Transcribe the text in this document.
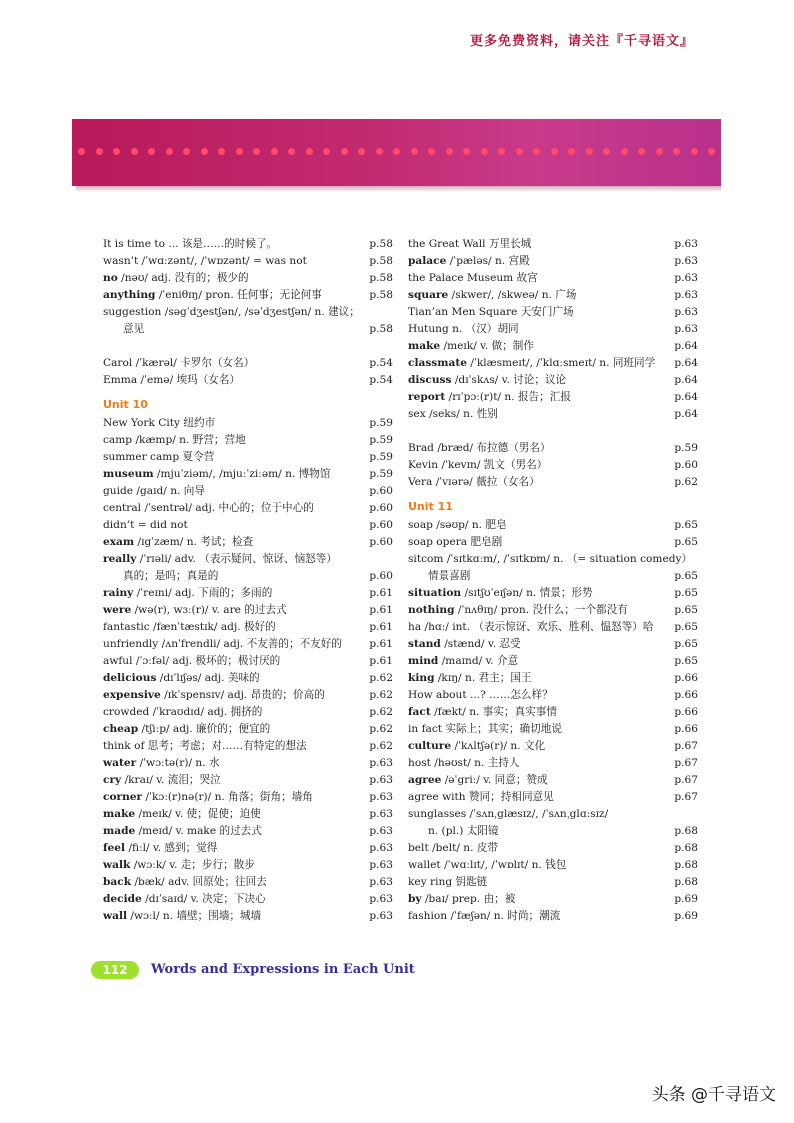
更多免费资料，请关注『千寻语文』
It is time to ... 该是……的时候了。	p.58
wasn’t /ˈwɑːzənt/, /ˈwɒzənt/ = was not	p.58
no /nəʊ/ adj. 没有的；极少的	p.58
anything /ˈeniθɪŋ/ pron. 任何事；无论何事	p.58
suggestion /səgˈdʒestʃən/, /səˈdʒestʃən/ n. 建议；
意见	p.58
Carol /ˈkærəl/ 卡罗尔（女名）	p.54
Emma /ˈemə/ 埃玛（女名）	p.54
Unit 10
New York City 纽约市	p.59
camp /kæmp/ n. 野营；营地	p.59
summer camp 夏令营	p.59
museum /mjuˈziəm/, /mjuːˈziːəm/ n. 博物馆	p.59
guide /gaɪd/ n. 向导	p.60
central /ˈsentrəl/ adj. 中心的；位于中心的	p.60
didn’t = did not	p.60
exam /ɪgˈzæm/ n. 考试；检查	p.60
really /ˈrɪəli/ adv. （表示疑问、惊讶、恼怒等）
真的；是吗；真是的	p.60
rainy /ˈreɪni/ adj. 下雨的；多雨的	p.61
were /wə(r), wɜː(r)/ v. are 的过去式	p.61
fantastic /fænˈtæstɪk/ adj. 极好的	p.61
unfriendly /ʌnˈfrendli/ adj. 不友善的；不友好的	p.61
awful /ˈɔːfəl/ adj. 极坏的；极讨厌的	p.61
delicious /dɪˈlɪʃəs/ adj. 美味的	p.62
expensive /ɪkˈspensɪv/ adj. 昂贵的；价高的	p.62
crowded /ˈkraʊdɪd/ adj. 拥挤的	p.62
cheap /tʃiːp/ adj. 廉价的；便宜的	p.62
think of 思考；考虑；对……有特定的想法	p.62
water /ˈwɔːtə(r)/ n. 水	p.63
cry /kraɪ/ v. 流泪；哭泣	p.63
corner /ˈkɔː(r)nə(r)/ n. 角落；街角；墙角	p.63
make /meɪk/ v. 使；促使；迫使	p.63
made /meɪd/ v. make 的过去式	p.63
feel /fiːl/ v. 感到；觉得	p.63
walk /wɔːk/ v. 走；步行；散步	p.63
back /bæk/ adv. 回原处；往回去	p.63
decide /dɪˈsaɪd/ v. 决定；下决心	p.63
wall /wɔːl/ n. 墙壁；围墙；城墙	p.63
the Great Wall 万里长城	p.63
palace /ˈpæləs/ n. 宫殿	p.63
the Palace Museum 故宫	p.63
square /skwer/, /skweə/ n. 广场	p.63
Tian’an Men Square 天安门广场	p.63
Hutung n. （汉）胡同	p.63
make /meɪk/ v. 做；制作	p.64
classmate /ˈklæsmeɪt/, /ˈklɑːsmeɪt/ n. 同班同学 p.64
discuss /dɪˈskʌs/ v. 讨论；议论	p.64
report /rɪˈpɔː(r)t/ n. 报告；汇报	p.64
sex /seks/ n. 性别	p.64
Brad /bræd/ 布拉德（男名）	p.59
Kevin /ˈkevɪn/ 凯文（男名）	p.60
Vera /ˈvɪərə/ 薇拉（女名）	p.62
Unit 11
soap /səʊp/ n. 肥皂	p.65
soap opera 肥皂剧	p.65
sitcom /ˈsɪtkɑːm/, /ˈsɪtkɒm/ n. （= situation comedy）
情景喜剧	p.65
situation /sɪtʃʊˈeɪʃən/ n. 情景；形势	p.65
nothing /ˈnʌθɪŋ/ pron. 没什么；一个都没有	p.65
ha /hɑː/ int. （表示惊讶、欢乐、胜利、愠怒等）哈 p.65
stand /stænd/ v. 忍受	p.65
mind /maɪnd/ v. 介意	p.65
king /kɪŋ/ n. 君主；国王	p.66
How about ...? ……怎么样？	p.66
fact /fækt/ n. 事实；真实事情	p.66
in fact 实际上；其实；确切地说	p.66
culture /ˈkʌltʃə(r)/ n. 文化	p.67
host /həʊst/ n. 主持人	p.67
agree /əˈgriː/ v. 同意；赞成	p.67
agree with 赞同；持相同意见	p.67
sunglasses /ˈsʌnˌglæsɪz/, /ˈsʌnˌglɑːsɪz/
n. (pl.) 太阳镜	p.68
belt /belt/ n. 皮带	p.68
wallet /ˈwɑːlɪt/, /ˈwɒlɪt/ n. 钱包	p.68
key ring 钥匙链	p.68
by /baɪ/ prep. 由；被	p.69
fashion /ˈfæʃən/ n. 时尚；潮流	p.69
112	Words and Expressions in Each Unit
头条 @千寻语文
